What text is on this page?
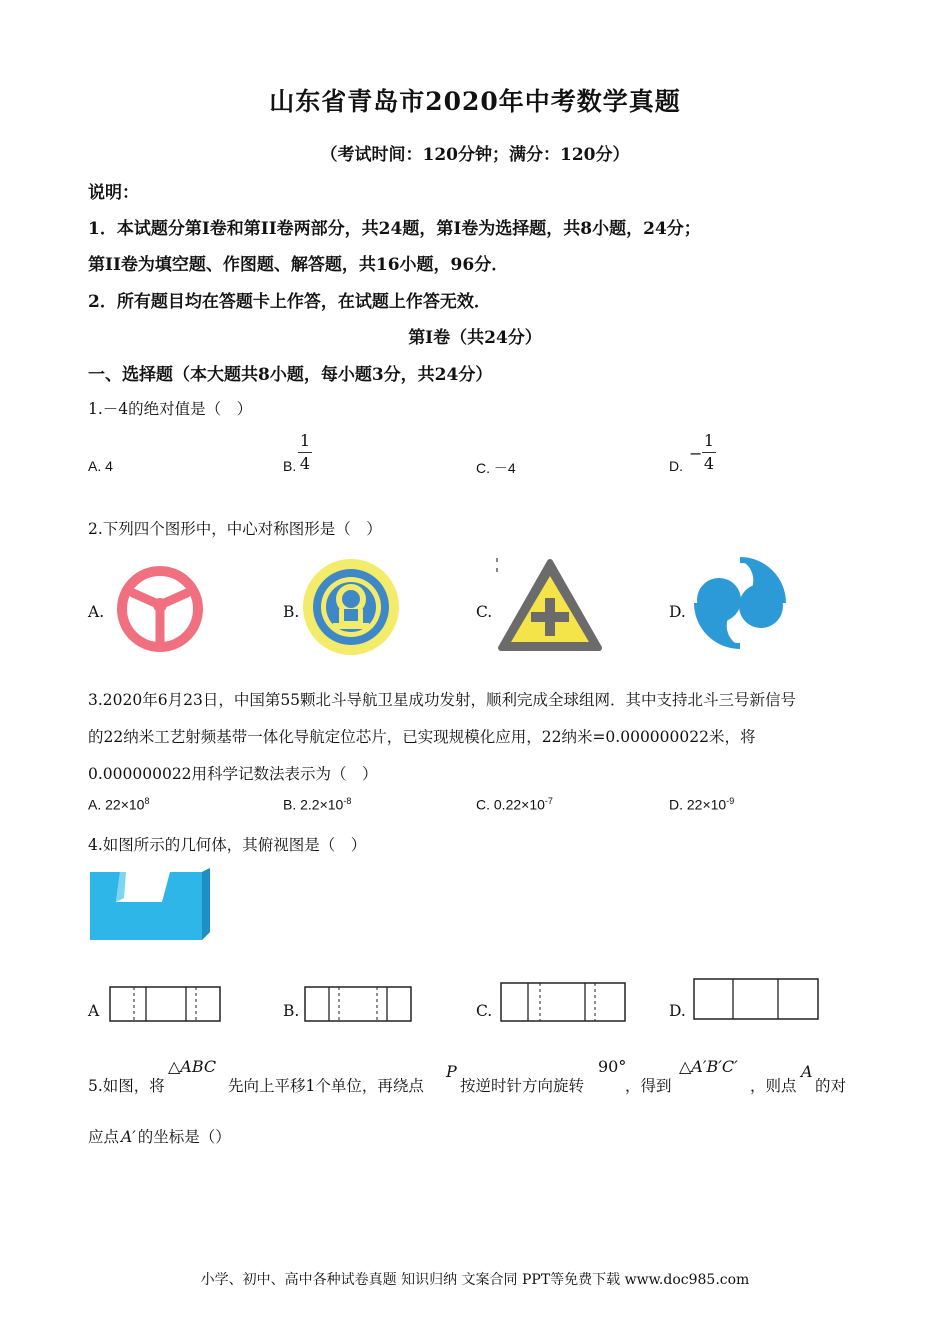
山东省青岛市2020年中考数学真题
（考试时间：120分钟；满分：120分）
说明：
1．本试题分第I卷和第II卷两部分，共24题，第I卷为选择题，共8小题，24分；
第II卷为填空题、作图题、解答题，共16小题，96分．
2．所有题目均在答题卡上作答，在试题上作答无效．
第I卷（共24分）
一、选择题（本大题共8小题，每小题3分，共24分）
1.－4的绝对值是（　）
A. 4	B.
1
4	C. －4	D.
−
1
4
2.下列四个图形中，中心对称图形是（　）
A.	B.	C.	D.
3.2020年6月23日，中国第55颗北斗导航卫星成功发射，顺利完成全球组网．其中支持北斗三号新信号
的22纳米工艺射频基带一体化导航定位芯片，已实现规模化应用，22纳米=0.000000022米，将
0.000000022用科学记数法表示为（　）
A. $22\times 10^8$	B. $2.2\times 10^{-8}$	C. $0.22\times 10^{-7}$	D. $22\times 10^{-9}$
4.如图所示的几何体，其俯视图是（　）
A	B.	C.	D.
5.如图，将
△ABC
先向上平移1个单位，再绕点
P
按逆时针方向旋转
90°
，得到
△A′B′C′
，则点
A
的对
应点 A′ 的坐标是（）
小学、初中、高中各种试卷真题 知识归纳 文案合同 PPT等免费下载 www.doc985.com
